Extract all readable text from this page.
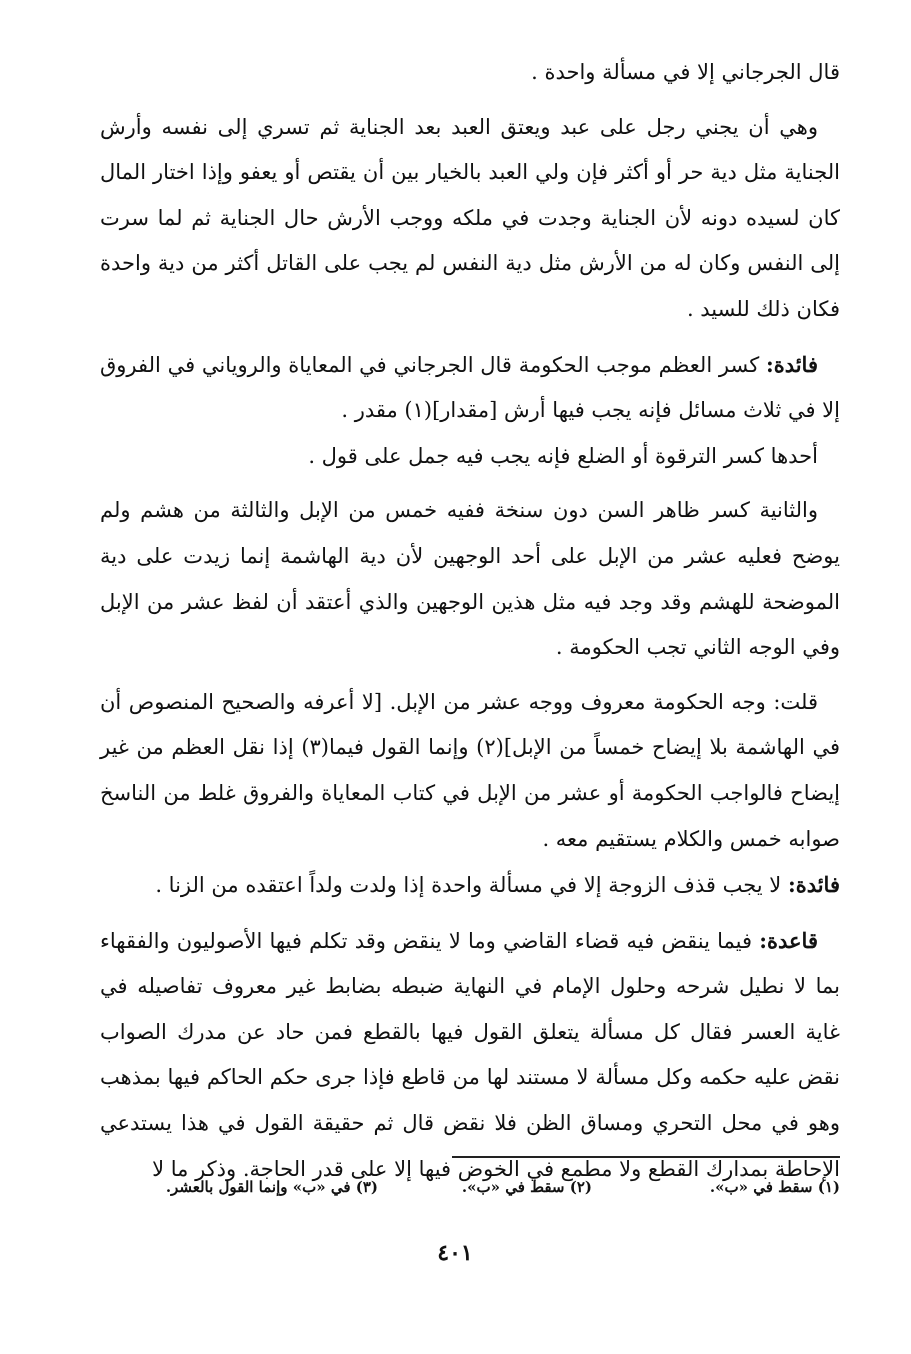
قال الجرجاني إلا في مسألة واحدة .

وهي أن يجني رجل على عبد ويعتق العبد بعد الجناية ثم تسري إلى نفسه وأرش الجناية مثل دية حر أو أكثر فإن ولي العبد بالخيار بين أن يقتص أو يعفو وإذا اختار المال كان لسيده دونه لأن الجناية وجدت في ملكه ووجب الأرش حال الجناية ثم لما سرت إلى النفس وكان له من الأرش مثل دية النفس لم يجب على القاتل أكثر من دية واحدة فكان ذلك للسيد .

فائدة: كسر العظم موجب الحكومة قال الجرجاني في المعاياة والروياني في الفروق إلا في ثلاث مسائل فإنه يجب فيها أرش [مقدار](١) مقدر .

أحدها كسر الترقوة أو الضلع فإنه يجب فيه جمل على قول .

والثانية كسر ظاهر السن دون سنخة ففيه خمس من الإبل والثالثة من هشم ولم يوضح فعليه عشر من الإبل على أحد الوجهين لأن دية الهاشمة إنما زيدت على دية الموضحة للهشم وقد وجد فيه مثل هذين الوجهين والذي أعتقد أن لفظ عشر من الإبل وفي الوجه الثاني تجب الحكومة .

قلت: وجه الحكومة معروف ووجه عشر من الإبل. [لا أعرفه والصحيح المنصوص أن في الهاشمة بلا إيضاح خمساً من الإبل](٢) وإنما القول فيما(٣) إذا نقل العظم من غير إيضاح فالواجب الحكومة أو عشر من الإبل في كتاب المعاياة والفروق غلط من الناسخ صوابه خمس والكلام يستقيم معه .

فائدة: لا يجب قذف الزوجة إلا في مسألة واحدة إذا ولدت ولداً اعتقده من الزنا .

قاعدة: فيما ينقض فيه قضاء القاضي وما لا ينقض وقد تكلم فيها الأصوليون والفقهاء بما لا نطيل شرحه وحلول الإمام في النهاية ضبطه بضابط غير معروف تفاصيله في غاية العسر فقال كل مسألة يتعلق القول فيها بالقطع فمن حاد عن مدرك الصواب نقض عليه حكمه وكل مسألة لا مستند لها من قاطع فإذا جرى حكم الحاكم فيها بمذهب وهو في محل التحري ومساق الظن فلا نقض قال ثم حقيقة القول في هذا يستدعي الإحاطة بمدارك القطع ولا مطمع في الخوض فيها إلا على قدر الحاجة. وذكر ما لا

(١) سقط في «ب».
(٢) سقط في «ب».
(٣) في «ب» وإنما القول بالعشر.
٤٠١
